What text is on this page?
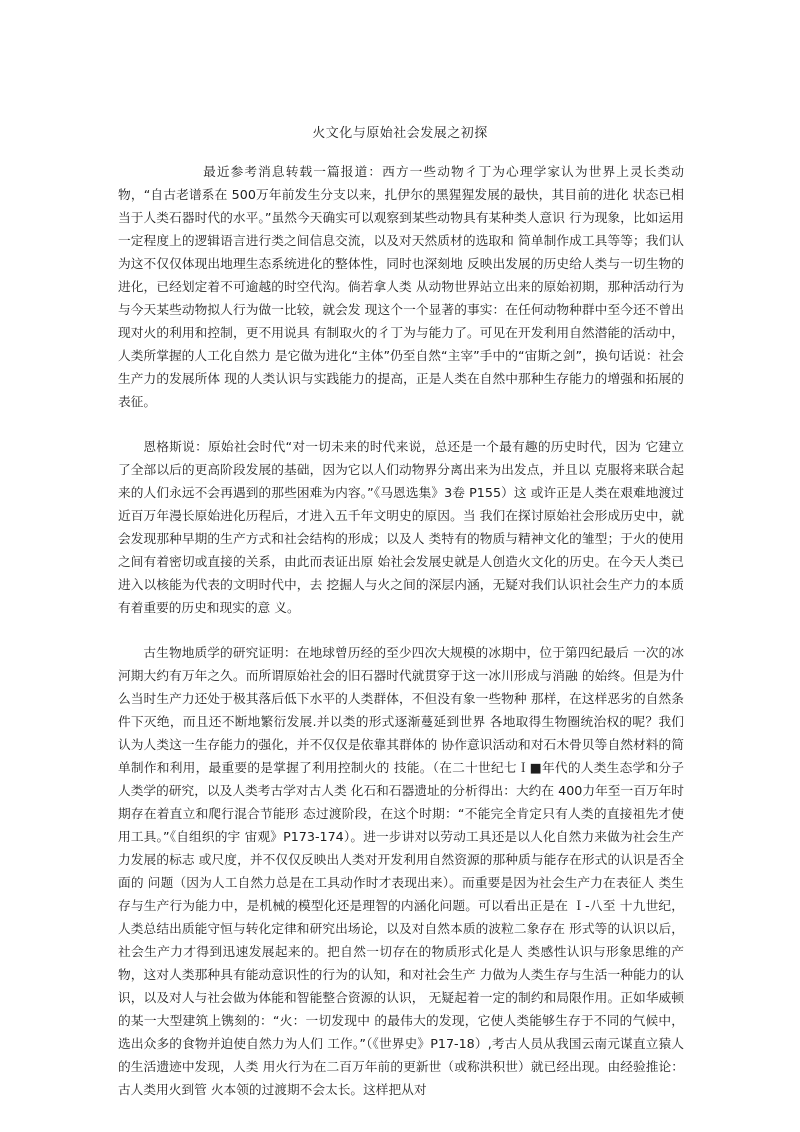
火文化与原始社会发展之初探

最近参考消息转载一篇报道：西方一些动物彳丁为心理学家认为世界上灵长类动 物，“自古老谱系在 500万年前发生分支以来，扎伊尔的黑猩猩发展的最快，其目前的进化 状态已相当于人类石器时代的水平。”虽然今天确实可以观察到某些动物具有某种类人意识 行为现象，比如运用一定程度上的逻辑语言进行类之间信息交流，以及对天然质材的选取和 简单制作成工具等等；我们认为这不仅仅体现出地理生态系统进化的整体性，同时也深刻地 反映出发展的历史给人类与一切生物的进化，已经划定着不可逾越的时空代沟。倘若拿人类 从动物世界站立出来的原始初期，那种活动行为与今天某些动物拟人行为做一比较，就会发 现这个一个显著的事实：在任何动物种群中至今还不曾出现对火的利用和控制，更不用说具 有制取火的彳丁为与能力了。可见在开发利用自然潜能的活动中，人类所掌握的人工化自然力 是它做为进化“主体”仍至自然“主宰”手中的“宙斯之剑”，换句话说：社会生产力的发展所体 现的人类认识与实践能力的提高，正是人类在自然中那种生存能力的增强和拓展的表征。

恩格斯说：原始社会时代“对一切未来的时代来说，总还是一个最有趣的历史时代，因为 它建立了全部以后的更高阶段发展的基础，因为它以人们动物界分离出来为出发点，并且以 克服将来联合起来的人们永远不会再遇到的那些困难为内容。”《马恩选集》3卷 P155）这 或许正是人类在艰难地渡过近百万年漫长原始进化历程后，才进入五千年文明史的原因。当 我们在探讨原始社会形成历史中，就会发现那种早期的生产方式和社会结构的形成；以及人 类特有的物质与精神文化的雏型；于火的使用之间有着密切或直接的关系，由此而表证出原 始社会发展史就是人创造火文化的历史。在今天人类已进入以核能为代表的文明时代中，去 挖掘人与火之间的深层内涵，无疑对我们认识社会生产力的本质有着重要的历史和现实的意 义。

古生物地质学的研究证明：在地球曾历经的至少四次大规模的冰期中，位于第四纪最后 一次的冰河期大约有万年之久。而所谓原始社会的旧石器时代就贯穿于这一冰川形成与消融 的始终。但是为什么当时生产力还处于极其落后低下水平的人类群体，不但没有象一些物种 那样，在这样恶劣的自然条件下灭绝，而且还不断地繁衍发展.并以类的形式逐渐蔓延到世界 各地取得生物圈统治权的呢？我们认为人类这一生存能力的强化，并不仅仅是依靠其群体的 协作意识活动和对石木骨贝等自然材料的简单制作和利用，最重要的是掌握了利用控制火的 技能。（在二十世纪七Ｉ■年代的人类生态学和分子人类学的研究，以及人类考古学对古人类 化石和石器遗址的分析得出：大约在 400力年至一百万年时期存在着直立和爬行混合节能形 态过渡阶段，在这个时期：“不能完全肯定只有人类的直接祖先才使用工具。”《自组织的宇 宙观》P173-174）。进一步讲对以劳动工具还是以人化自然力来做为社会生产力发展的标志 或尺度，并不仅仅反映出人类对开发利用自然资源的那种质与能存在形式的认识是否全面的 问题（因为人工自然力总是在工具动作时才表现出来）。而重要是因为社会生产力在表征人 类生存与生产行为能力中，是机械的模型化还是理智的内涵化问题。可以看出正是在 Ｉ-八至 十九世纪，人类总结出质能守恒与转化定律和研究出场论，以及对自然本质的波粒二象存在 形式等的认识以后，社会生产力才得到迅速发展起来的。把自然一切存在的物质形式化是人 类感性认识与形象思维的产物，这对人类那种具有能动意识性的行为的认知，和对社会生产 力做为人类生存与生活一种能力的认识，以及对人与社会做为体能和智能整合资源的认识， 无疑起着一定的制约和局限作用。正如华威顿的某一大型建筑上镌刻的：“火：一切发现中 的最伟大的发现，它使人类能够生存于不同的气候中，选出众多的食物并迫使自然力为人们 工作。”（《世界史》P17-18）,考古人员从我国云南元谋直立猿人的生活遗迹中发现，人类 用火行为在二百万年前的更新世（或称洪积世）就已经出现。由经验推论：古人类用火到管 火本领的过渡期不会太长。这样把从对
